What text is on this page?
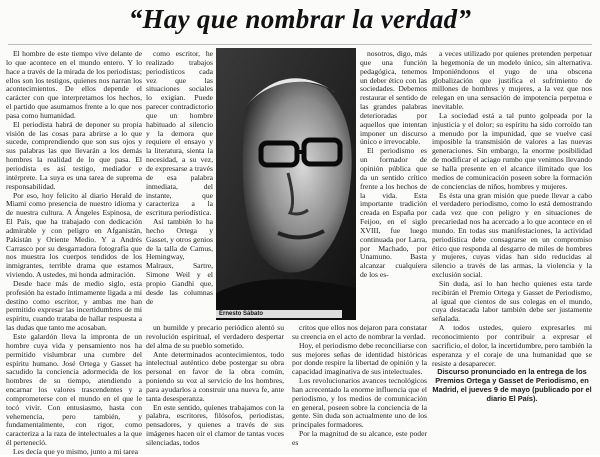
“Hay que nombrar la verdad”

El hombre de este tiempo vive delante de lo que acontece en el mundo entero. Y lo hace a través de la mirada de los periodistas; ellos son los testigos, quienes nos narran los acontecimientos. De ellos depende el carácter con que interpretamos los hechos, el partido que asumamos frente a lo que nos pasa como humanidad.

El periodista habrá de deponer su propia visión de las cosas para abrirse a lo que sucede, comprendiendo que son sus ojos y sus palabras las que llevarán a los demás hombres la realidad de lo que pasa. El periodista es así testigo, mediador e intérprete. La suya es una tarea de suprema responsabilidad.

Por eso, hoy felicito al diario Herald de Miami como presencia de nuestro idioma y de nuestra cultura. A Ángeles Espinosa, de El País, que ha trabajado con dedicación admirable y con peligro en Afganistán, Pakistán y Oriente Medio. Y a Andrés Carrasco por su desgarradora fotografía que nos muestra los cuerpos tendidos de los inmigrantes, terrible drama que estamos viviendo. A ustedes, mi honda admiración.

Desde hace más de medio siglo, esta profesión ha estado íntimamente ligada a mi destino como escritor, y ambas me han permitido expresar las incertidumbres de mi espíritu, cuando trataba de hallar respuesta a las dudas que tanto me acosaban.

Este galardón lleva la impronta de un hombre cuya vida y pensamiento nos ha permitido vislumbrar una cumbre del espíritu humano. José Ortega y Gasset ha sacudido la conciencia adormecida de los hombres de su tiempo, atendiendo a encarnar los valores trascendentes y a comprometerse con el mundo en el que le tocó vivir. Con entusiasmo, hasta con vehemencia, pero también, y fundamentalmente, con rigor, como caracteriza a la raza de intelectuales a la que él pertenecíó.

Les decía que yo mismo, junto a mi tarea

como escritor, he realizado trabajos periodísticos cada vez que las situaciones sociales lo exigían. Puede parecer contradictorio que un hombre habituado al silencio y la demora que requiere el ensayo y la literatura, sienta la necesidad, a su vez, de expresarse a través de esa palabra inmediata, del instante, que caracteriza a la escritura periodística.

Así también lo ha hecho Ortega y Gasset, y otros genios de la talla de Camus, Hemingway, Malraux, Sartre, Simone Weil y el propio Gandhi que, desde las columnas de

un humilde y precario periódico alentó su revolución espiritual, el verdadero despertar del alma de su pueblo sometido.

Ante determinados acontecimientos, todo intelectual auténtico debe postergar su obra personal en favor de la obra común, poniendo su voz al servicio de los hombres, para ayudarlos a construir una nueva fe, ante tanta desesperanza.

En este sentido, quienes trabajamos con la palabra, escritores, filósofos, periodistas, pensadores, y quienes a través de sus imágenes hacen oír el clamor de tantas voces silenciadas, todos

critos que ellos nos dejaron para constatar su creencia en el acto de nombrar la verdad.

Hoy, el periodismo debe reconciliarse con sus mejores señas de identidad históricas por donde respire la libertad de opinión y la capacidad imaginativa de sus intelectuales.

Los revolucionarios avances tecnológicos han acrecentado la enorme influencia que el periodismo, y los medios de comunicación en general, poseen sobre la conciencia de la gente. Sin duda son actualmente uno de los principales formadores.

Por la magnitud de su alcance, este poder es

nosotros, digo, más que una función pedagógica, tenemos un deber ético con las sociedades. Debemos restaurar el sentido de las grandes palabras deterioradas por aquellos que intentan imponer un discurso único e irrevocable.

El periodismo es un formador de opinión pública que da un sentido crítico frente a los hechos de la vida. Esta importante tradición creada en España por Feijoo, en el siglo XVIII, fue luego continuada por Larra, por Machado, por Unamuno. Basta alcanzar cualquiera de los es-

a veces utilizado por quienes pretenden perpetuar la hegemonía de un modelo único, sin alternativa. Imponiéndonos el yugo de una obscena globalización que justifica el sufrimiento de millones de hombres y mujeres, a la vez que nos relegan en una sensación de impotencia perpetua e inevitable.

La sociedad está a tal punto golpeada por la injusticia y el dolor; su espíritu ha sido corroído tan a menudo por la impunidad, que se vuelve casi imposible la transmisión de valores a las nuevas generaciones. Sin embargo, la enorme posibilidad de modificar el aciago rumbo que venimos llevando se halla presente en el alcance ilimitado que los medios de comunicación poseen sobre la formación de conciencias de niños, hombres y mujeres.

Es ésta una gran misión que puede llevar a cabo el verdadero periodismo, como lo está demostrando cada vez que con peligro y en situaciones de precariedad nos ha acercado a lo que acontece en el mundo. En todas sus manifestaciones, la actividad periodística debe consagrarse en un compromiso ético que responda al desgarro de miles de hombres y mujeres, cuyas vidas han sido reducidas al silencio a través de las armas, la violencia y la exclusión social.

Sin duda, así lo han hecho quienes esta tarde recibirán el Premio Ortega y Gasset de Periodismo, al igual que cientos de sus colegas en el mundo, cuya destacada labor también debe ser justamente señalada.

A todos ustedes, quiero expresarles mi reconocimiento por contribuir a expresar el sacrificio, el dolor, la incertidumbre, pero también la esperanza y el coraje de una humanidad que se resiste a desaparecer.

Discurso pronunciado en la entrega de los Premios Ortega y Gasset de Periodismo, en Madrid, el jueves 9 de mayo (publicado por el diario El País).

Ernesto Sábato
